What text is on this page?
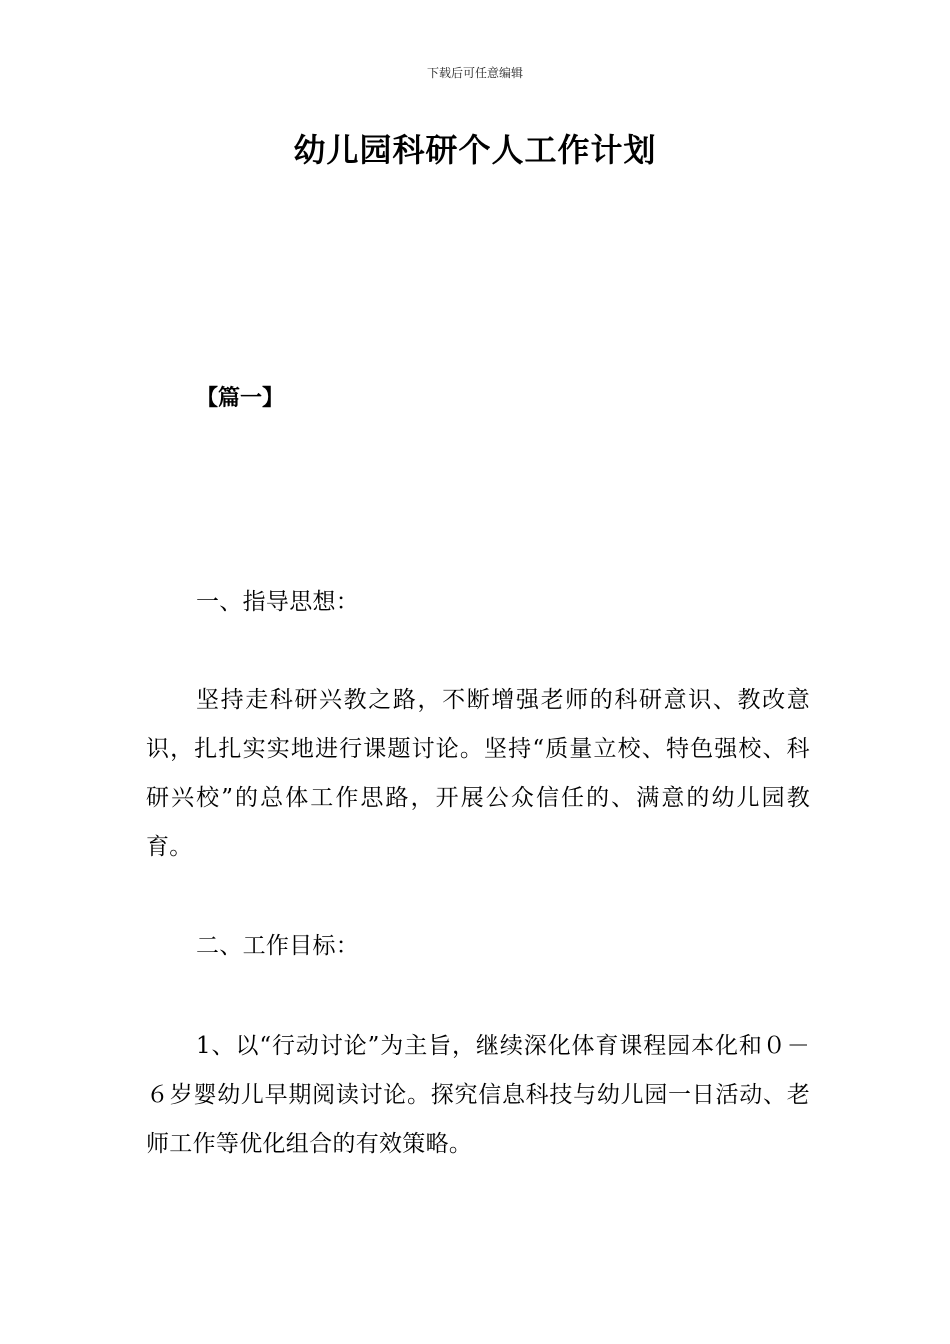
下载后可任意编辑
幼儿园科研个人工作计划
【篇一】

一、指导思想：

坚持走科研兴教之路，不断增强老师的科研意识、教改意识，扎扎实实地进行课题讨论。坚持“质量立校、特色强校、科研兴校”的总体工作思路，开展公众信任的、满意的幼儿园教育。

二、工作目标：

1、以“行动讨论”为主旨，继续深化体育课程园本化和０－６岁婴幼儿早期阅读讨论。探究信息科技与幼儿园一日活动、老师工作等优化组合的有效策略。
